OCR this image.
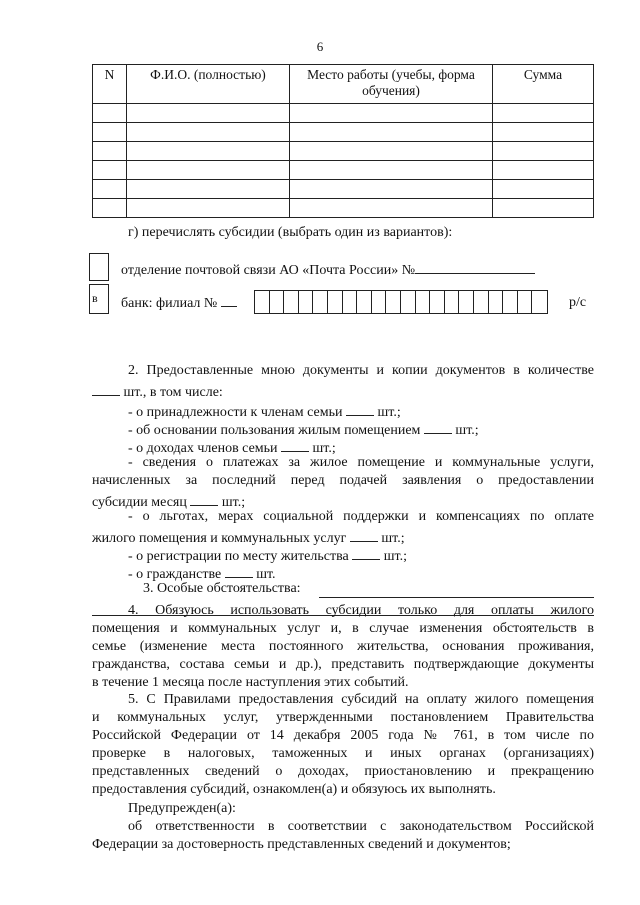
6
N	Ф.И.О. (полностью)	Место работы (учебы, форма обучения)	Сумма

г) перечислять субсидии (выбрать один из вариантов):
отделение почтовой связи АО «Почта России» №
в банк: филиал №	р/с
2. Предоставленные мною документы и копии документов в количестве
шт., в том числе:
- о принадлежности к членам семьи	шт.;
- об основании пользования жилым помещением	шт.;
- о доходах членов семьи	шт.;
- сведения о платежах за жилое помещение и коммунальные услуги,
начисленных за последний перед подачей заявления о предоставлении
субсидии месяц	шт.;
- о льготах, мерах социальной поддержки и компенсациях по оплате
жилого помещения и коммунальных услуг	шт.;
- о регистрации по месту жительства	шт.;
- о гражданстве	шт.
3. Особые обстоятельства:
4. Обязуюсь использовать субсидии только для оплаты жилого
помещения и коммунальных услуг и, в случае изменения обстоятельств в
семье (изменение места постоянного жительства, основания проживания,
гражданства, состава семьи и др.), представить подтверждающие документы
в течение 1 месяца после наступления этих событий.
5. С Правилами предоставления субсидий на оплату жилого помещения
и коммунальных услуг, утвержденными постановлением Правительства
Российской Федерации от 14 декабря 2005 года № 761, в том числе по
проверке в налоговых, таможенных и иных органах (организациях)
представленных сведений о доходах, приостановлению и прекращению
предоставления субсидий, ознакомлен(а) и обязуюсь их выполнять.
Предупрежден(а):
об ответственности в соответствии с законодательством Российской
Федерации за достоверность представленных сведений и документов;
